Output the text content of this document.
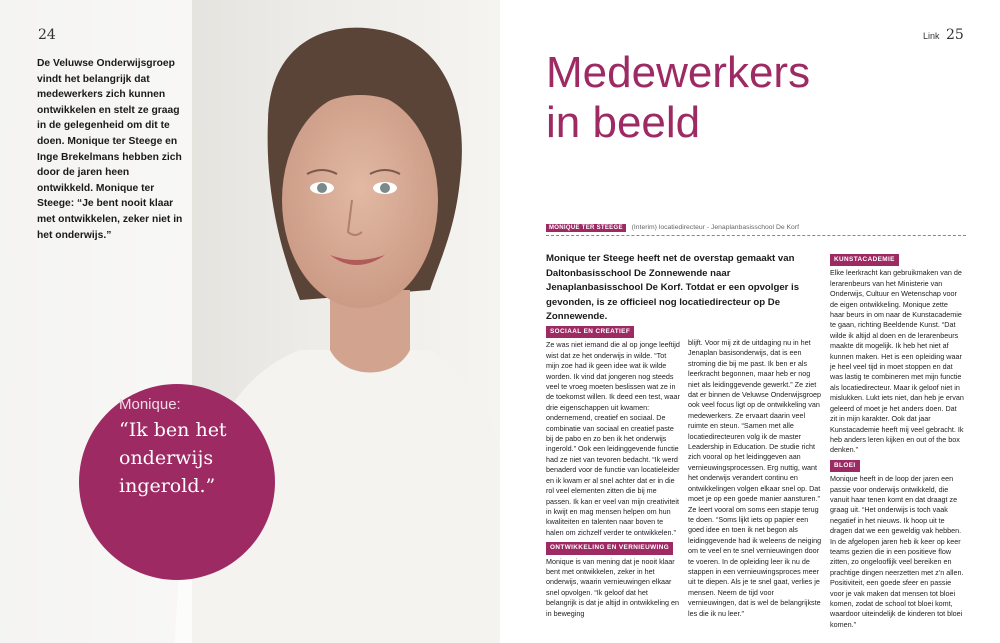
24
De Veluwse Onderwijsgroep vindt het belangrijk dat medewerkers zich kunnen ontwikkelen en stelt ze graag in de gelegenheid om dit te doen. Monique ter Steege en Inge Brekelmans hebben zich door de jaren heen ontwikkeld. Monique ter Steege: “Je bent nooit klaar met ontwikkelen, zeker niet in het onderwijs.”
Monique:
“Ik ben het onderwijs ingerold.”
Link 25
Medewerkers
in beeld
MONIQUE TER STEEGE (Interim) locatiedirecteur - Jenaplanbasisschool De Korf
Monique ter Steege heeft net de overstap gemaakt van Daltonbasisschool De Zonnewende naar Jenaplanbasisschool De Korf. Totdat er een opvolger is gevonden, is ze officieel nog locatiedirecteur op De Zonnewende.
SOCIAAL EN CREATIEF

Ze was niet iemand die al op jonge leeftijd wist dat ze het onderwijs in wilde. “Tot mijn zoe had ik geen idee wat ik wilde worden. Ik vind dat jongeren nog steeds veel te vroeg moeten beslissen wat ze in de toekomst willen. Ik deed een test, waar drie eigenschappen uit kwamen: ondernemend, creatief en sociaal. De combinatie van sociaal en creatief paste bij de pabo en zo ben ik het onderwijs ingerold.” Ook een leidinggevende functie had ze niet van tevoren bedacht. “Ik werd benaderd voor de functie van locatieleider en ik kwam er al snel achter dat er in die rol veel elementen zitten die bij me passen. Ik kan er veel van mijn creativiteit in kwijt en mag mensen helpen om hun kwaliteiten en talenten naar boven te halen om zichzelf verder te ontwikkelen.”

ONTWIKKELING EN VERNIEUWING

Monique is van mening dat je nooit klaar bent met ontwikkelen, zeker in het onderwijs, waarin vernieuwingen elkaar snel opvolgen. “Ik geloof dat het belangrijk is dat je altijd in ontwikkeling en in beweging

blijft. Voor mij zit de uitdaging nu in het Jenaplan basisonderwijs, dat is een stroming die bij me past. Ik ben er als leerkracht begonnen, maar heb er nog niet als leidinggevende gewerkt.” Ze ziet dat er binnen de Veluwse Onderwijsgroep ook veel focus ligt op de ontwikkeling van medewerkers. Ze ervaart daarin veel ruimte en steun. “Samen met alle locatiedirecteuren volg ik de master Leadership in Education. De studie richt zich vooral op het leidinggeven aan vernieuwingsprocessen. Erg nuttig, want het onderwijs verandert continu en ontwikkelingen volgen elkaar snel op. Dat moet je op een goede manier aansturen.” Ze leert vooral om soms een stapje terug te doen. “Soms lijkt iets op papier een goed idee en toen ik net begon als leidinggevende had ik weleens de neiging om te veel en te snel vernieuwingen door te voeren. In de opleiding leer ik nu de stappen in een vernieuwingsproces meer uit te diepen. Als je te snel gaat, verlies je mensen. Neem de tijd voor vernieuwingen, dat is wel de belangrijkste les die ik nu leer.”

KUNSTACADEMIE

Elke leerkracht kan gebruikmaken van de lerarenbeurs van het Ministerie van Onderwijs, Cultuur en Wetenschap voor de eigen ontwikkeling. Monique zette haar beurs in om naar de Kunstacademie te gaan, richting Beeldende Kunst. “Dat wilde ik altijd al doen en de lerarenbeurs maakte dit mogelijk. Ik heb het niet af kunnen maken. Het is een opleiding waar je heel veel tijd in moet stoppen en dat was lastig te combineren met mijn functie als locatiedirecteur. Maar ik geloof niet in mislukken. Lukt iets niet, dan heb je ervan geleerd of moet je het anders doen. Dat zit in mijn karakter. Ook dat jaar Kunstacademie heeft mij veel gebracht. Ik heb anders leren kijken en out of the box denken.”

BLOEI

Monique heeft in de loop der jaren een passie voor onderwijs ontwikkeld, die vanuit haar tenen komt en dat draagt ze graag uit. “Het onderwijs is toch vaak negatief in het nieuws. Ik hoop uit te dragen dat we een geweldig vak hebben. In de afgelopen jaren heb ik keer op keer teams gezien die in een positieve flow zitten, zo ongelooflijk veel bereiken en prachtige dingen neerzetten met z’n allen. Positiviteit, een goede sfeer en passie voor je vak maken dat mensen tot bloei komen, zodat de school tot bloei komt, waardoor uiteindelijk de kinderen tot bloei komen.”
